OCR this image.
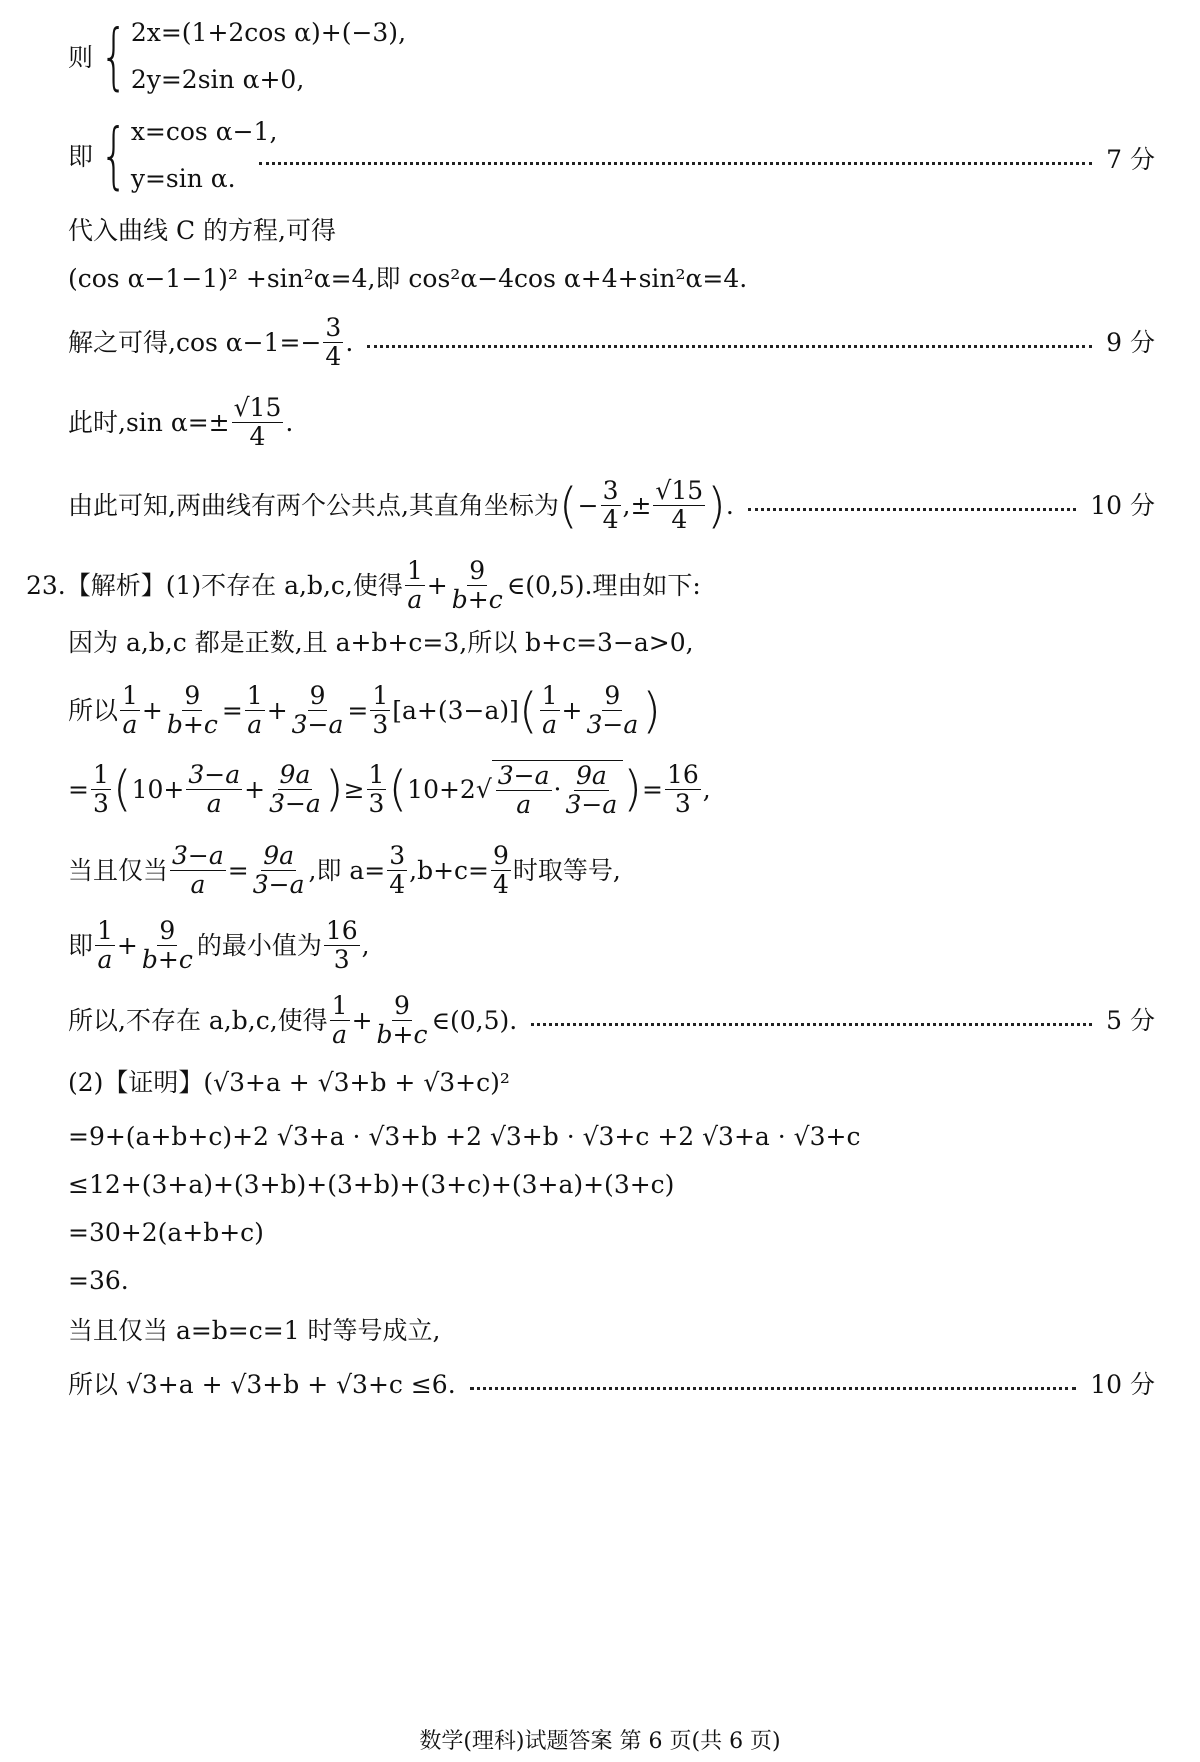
则 { 2x=(1+2cos α)+(−3),
2y=2sin α+0,
即 { x=cos α−1,
y=sin α.
7 分
代入曲线 C 的方程,可得
(cos α−1−1)² +sin²α=4,即 cos²α−4cos α+4+sin²α=4.
解之可得,cos $\alpha-1=- \frac{3}{4}$ .	9 分
此时,sin $\alpha=\pm \frac{√15}{4}$ .
由此可知,两曲线有两个公共点,其直角坐标为 ( − $\frac{3}{4}$ ,± $\frac{√15}{4}$ ) .	10 分
23. 【解析】(1)不存在 a,b,c,使得 $\frac{1}{a} + \frac{9}{b+c}$ ∈(0,5).理由如下:
因为 a,b,c 都是正数,且 a+b+c=3,所以 b+c=3−a>0,
所以 $\frac{1}{a} + \frac{9}{b+c} = \frac{1}{a} + \frac{9}{3-a} = \frac{1}{3} [a+(3-a)]$ ( $\frac{1}{a} + \frac{9}{3-a}$ )
= $\frac{1}{3}$ ( $10+ \frac{3-a}{a} + \frac{9a}{3-a}$ ) ≥ $\frac{1}{3}$ ( 10+2 √ $\frac{3-a}{a} \cdot \frac{9a}{3-a}$ ) = $\frac{16}{3}$ ,
当且仅当 $\frac{3-a}{a} = \frac{9a}{3-a}$ ,即 $a= \frac{3}{4} ,b+c= \frac{9}{4}$ 时取等号,
即 $\frac{1}{a} + \frac{9}{b+c}$ 的最小值为 $\frac{16}{3}$ ,
所以,不存在 a,b,c,使得 $\frac{1}{a} + \frac{9}{b+c}$ ∈(0,5).	5 分
(2)【证明】(√3+a + √3+b + √3+c)²
=9+(a+b+c)+2 √3+a · √3+b +2 √3+b · √3+c +2 √3+a · √3+c
≤12+(3+a)+(3+b)+(3+b)+(3+c)+(3+a)+(3+c)
=30+2(a+b+c)
=36.
当且仅当 a=b=c=1 时等号成立,
所以 √3+a + √3+b + √3+c ≤6.	10 分
数学(理科)试题答案 第 6 页(共 6 页)
